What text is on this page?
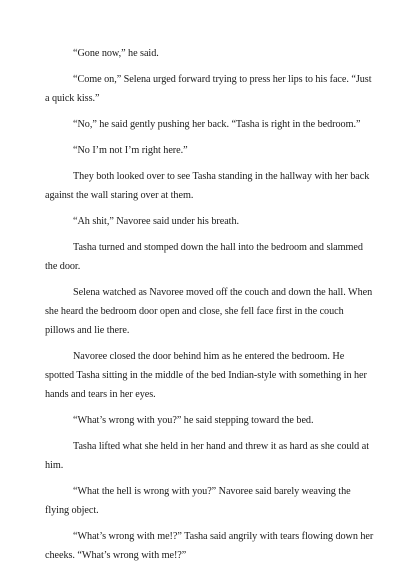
“Gone now,” he said.

“Come on,” Selena urged forward trying to press her lips to his face. “Just a quick kiss.”

“No,” he said gently pushing her back. “Tasha is right in the bedroom.”

“No I’m not I’m right here.”

They both looked over to see Tasha standing in the hallway with her back against the wall staring over at them.

“Ah shit,” Navoree said under his breath.

Tasha turned and stomped down the hall into the bedroom and slammed the door.

Selena watched as Navoree moved off the couch and down the hall. When she heard the bedroom door open and close, she fell face first in the couch pillows and lie there.

Navoree closed the door behind him as he entered the bedroom. He spotted Tasha sitting in the middle of the bed Indian-style with something in her hands and tears in her eyes.

“What’s wrong with you?” he said stepping toward the bed.

Tasha lifted what she held in her hand and threw it as hard as she could at him.

“What the hell is wrong with you?” Navoree said barely weaving the flying object.

“What’s wrong with me!?” Tasha said angrily with tears flowing down her cheeks. “What’s wrong with me!?”
